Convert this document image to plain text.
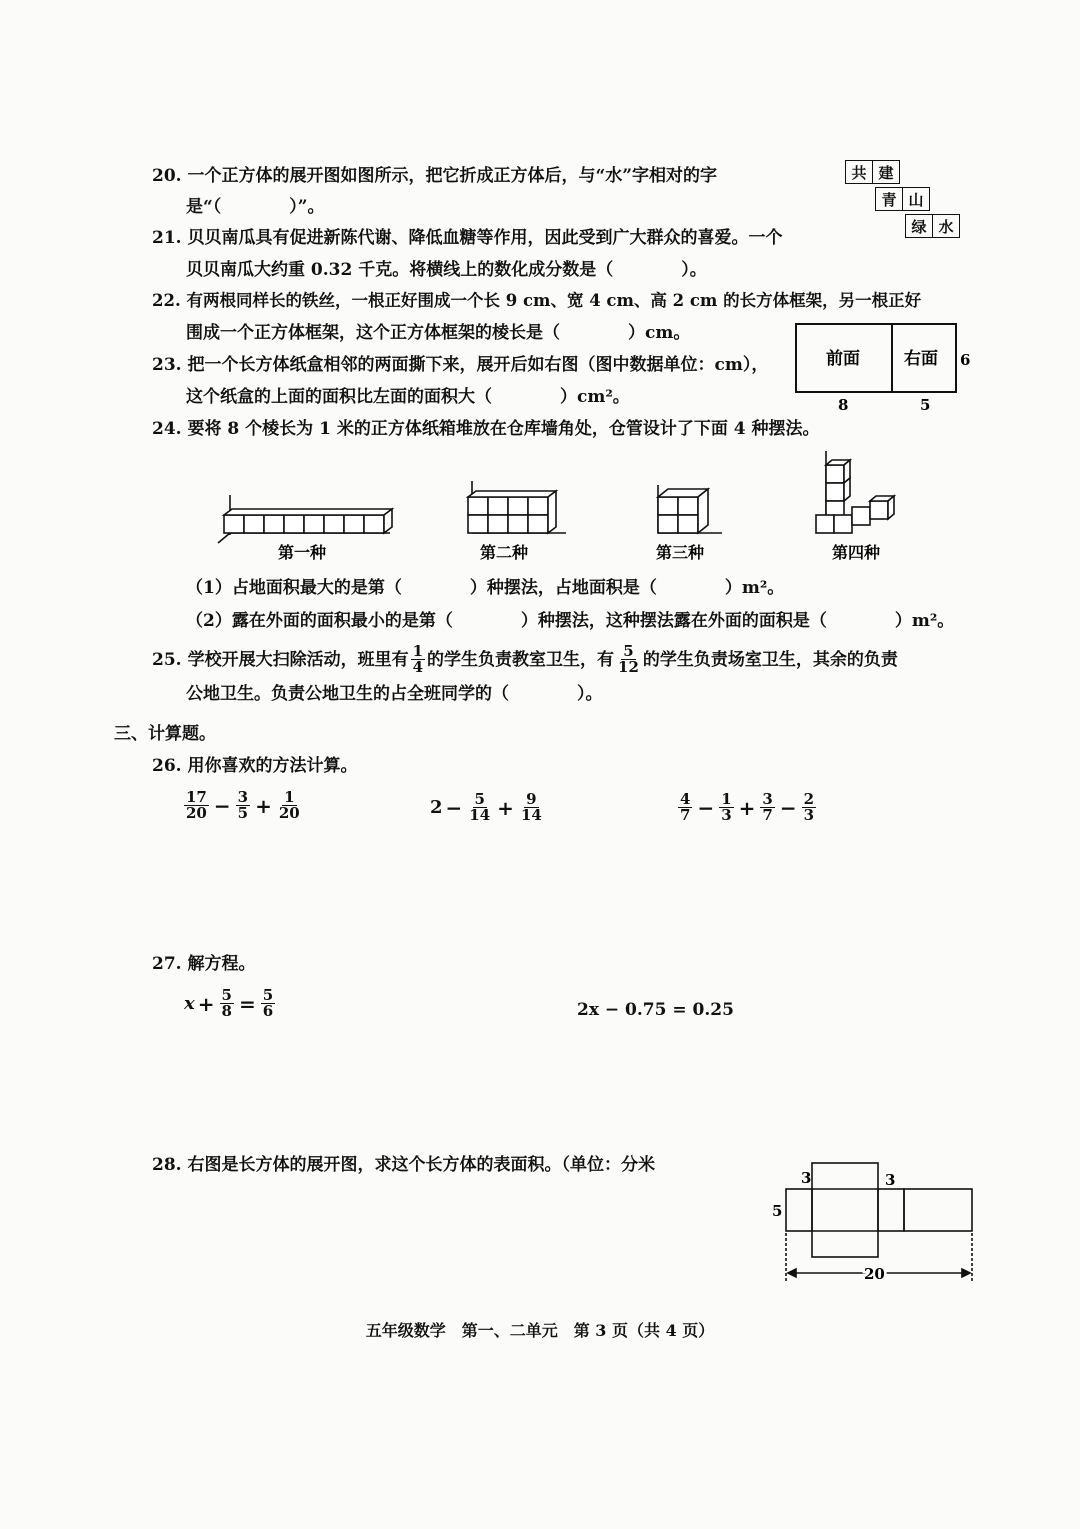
20. 一个正方体的展开图如图所示，把它折成正方体后，与“水”字相对的字
是“（　　　　）”。
共	建
青	山
绿	水
21. 贝贝南瓜具有促进新陈代谢、降低血糖等作用，因此受到广大群众的喜爱。一个
贝贝南瓜大约重 0.32 千克。将横线上的数化成分数是（　　　　）。
22. 有两根同样长的铁丝，一根正好围成一个长 9 cm、宽 4 cm、高 2 cm 的长方体框架，另一根正好
围成一个正方体框架，这个正方体框架的棱长是（　　　　）cm。
23. 把一个长方体纸盒相邻的两面撕下来，展开后如右图（图中数据单位：cm），
这个纸盒的上面的面积比左面的面积大（　　　　）cm²。
前面	右面 6
8	5
24. 要将 8 个棱长为 1 米的正方体纸箱堆放在仓库墙角处，仓管设计了下面 4 种摆法。
第一种	第二种	第三种	第四种
（1）占地面积最大的是第（　　　　）种摆法，占地面积是（　　　　）m²。
（2）露在外面的面积最小的是第（　　　　）种摆法，这种摆法露在外面的面积是（　　　　）m²。
25. 学校开展大扫除活动，班里有 $\frac{1}{4}$ 的学生负责教室卫生，有 $\frac{5}{12}$ 的学生负责场室卫生，其余的负责
公地卫生。负责公地卫生的占全班同学的（　　　　）。
三、计算题。
26. 用你喜欢的方法计算。
$\frac{17}{20} - \frac{3}{5} + \frac{1}{20}$	$2 - \frac{5}{14} + \frac{9}{14}$	$\frac{4}{7} - \frac{1}{3} + \frac{3}{7} - \frac{2}{3}$
27. 解方程。
$x + \frac{5}{8} = \frac{5}{6}$	2x − 0.75 = 0.25
28. 右图是长方体的展开图，求这个长方体的表面积。（单位：分米
3	3
5
20
五年级数学　第一、二单元　第 3 页（共 4 页）
